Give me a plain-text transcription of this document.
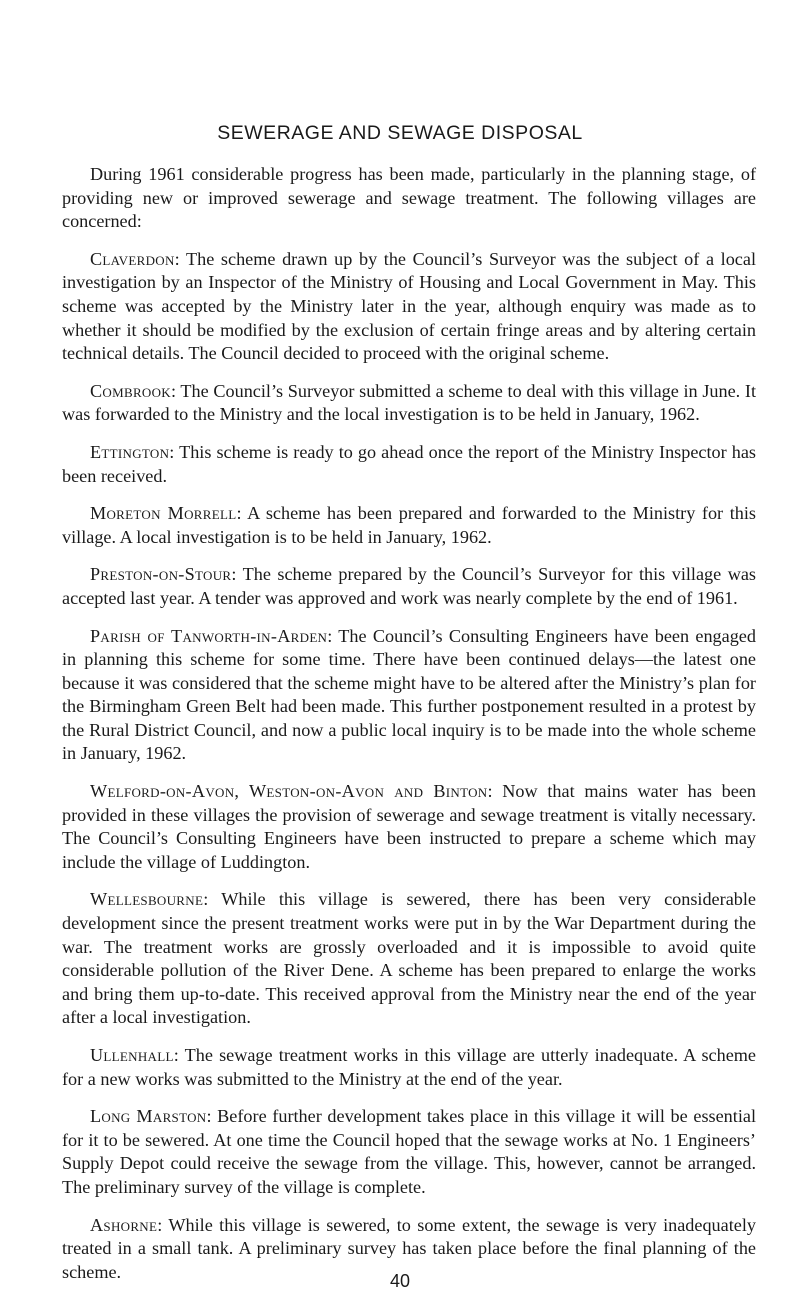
SEWERAGE AND SEWAGE DISPOSAL

During 1961 considerable progress has been made, particularly in the planning stage, of providing new or improved sewerage and sewage treatment. The following villages are concerned:

Claverdon: The scheme drawn up by the Council’s Surveyor was the subject of a local investigation by an Inspector of the Ministry of Housing and Local Government in May. This scheme was accepted by the Ministry later in the year, although enquiry was made as to whether it should be modified by the exclusion of certain fringe areas and by altering certain technical details. The Council decided to proceed with the original scheme.

Combrook: The Council’s Surveyor submitted a scheme to deal with this village in June. It was forwarded to the Ministry and the local investigation is to be held in January, 1962.

Ettington: This scheme is ready to go ahead once the report of the Ministry Inspector has been received.

Moreton Morrell: A scheme has been prepared and forwarded to the Ministry for this village. A local investigation is to be held in January, 1962.

Preston-on-Stour: The scheme prepared by the Council’s Surveyor for this village was accepted last year. A tender was approved and work was nearly complete by the end of 1961.

Parish of Tanworth-in-Arden: The Council’s Consulting Engineers have been engaged in planning this scheme for some time. There have been continued delays—the latest one because it was considered that the scheme might have to be altered after the Ministry’s plan for the Birmingham Green Belt had been made. This further postponement resulted in a protest by the Rural District Council, and now a public local inquiry is to be made into the whole scheme in January, 1962.

Welford-on-Avon, Weston-on-Avon and Binton: Now that mains water has been provided in these villages the provision of sewerage and sewage treatment is vitally necessary. The Council’s Consulting Engineers have been instructed to prepare a scheme which may include the village of Luddington.

Wellesbourne: While this village is sewered, there has been very considerable development since the present treatment works were put in by the War Department during the war. The treatment works are grossly overloaded and it is impossible to avoid quite considerable pollution of the River Dene. A scheme has been prepared to enlarge the works and bring them up-to-date. This received approval from the Ministry near the end of the year after a local investigation.

Ullenhall: The sewage treatment works in this village are utterly inadequate. A scheme for a new works was submitted to the Ministry at the end of the year.

Long Marston: Before further development takes place in this village it will be essential for it to be sewered. At one time the Council hoped that the sewage works at No. 1 Engineers’ Supply Depot could receive the sewage from the village. This, however, cannot be arranged. The preliminary survey of the village is complete.

Ashorne: While this village is sewered, to some extent, the sewage is very inadequately treated in a small tank. A preliminary survey has taken place before the final planning of the scheme.	40
